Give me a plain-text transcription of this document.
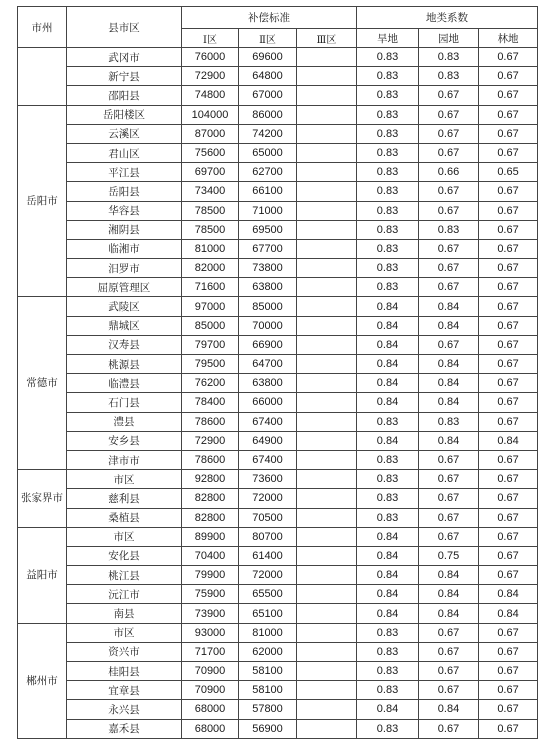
市州	县市区	补偿标准			地类系数		
		Ⅰ区	Ⅱ区	Ⅲ区	旱地	园地	林地
	武冈市	76000	69600		0.83	0.83	0.67
	新宁县	72900	64800		0.83	0.83	0.67
	邵阳县	74800	67000		0.83	0.67	0.67
岳阳市	岳阳楼区	104000	86000		0.83	0.67	0.67
	云溪区	87000	74200		0.83	0.67	0.67
	君山区	75600	65000		0.83	0.67	0.67
	平江县	69700	62700		0.83	0.66	0.65
	岳阳县	73400	66100		0.83	0.67	0.67
	华容县	78500	71000		0.83	0.67	0.67
	湘阴县	78500	69500		0.83	0.83	0.67
	临湘市	81000	67700		0.83	0.67	0.67
	汨罗市	82000	73800		0.83	0.67	0.67
	屈原管理区	71600	63800		0.83	0.67	0.67
常德市	武陵区	97000	85000		0.84	0.84	0.67
	鼎城区	85000	70000		0.84	0.84	0.67
	汉寿县	79700	66900		0.84	0.67	0.67
	桃源县	79500	64700		0.84	0.84	0.67
	临澧县	76200	63800		0.84	0.84	0.67
	石门县	78400	66000		0.84	0.84	0.67
	澧县	78600	67400		0.83	0.83	0.67
	安乡县	72900	64900		0.84	0.84	0.84
	津市市	78600	67400		0.83	0.67	0.67
张家界市	市区	92800	73600		0.83	0.67	0.67
	慈利县	82800	72000		0.83	0.67	0.67
	桑植县	82800	70500		0.83	0.67	0.67
益阳市	市区	89900	80700		0.84	0.67	0.67
	安化县	70400	61400		0.84	0.75	0.67
	桃江县	79900	72000		0.84	0.84	0.67
	沅江市	75900	65500		0.84	0.84	0.84
	南县	73900	65100		0.84	0.84	0.84
郴州市	市区	93000	81000		0.83	0.67	0.67
	资兴市	71700	62000		0.83	0.67	0.67
	桂阳县	70900	58100		0.83	0.67	0.67
	宜章县	70900	58100		0.83	0.67	0.67
	永兴县	68000	57800		0.84	0.84	0.67
	嘉禾县	68000	56900		0.83	0.67	0.67
